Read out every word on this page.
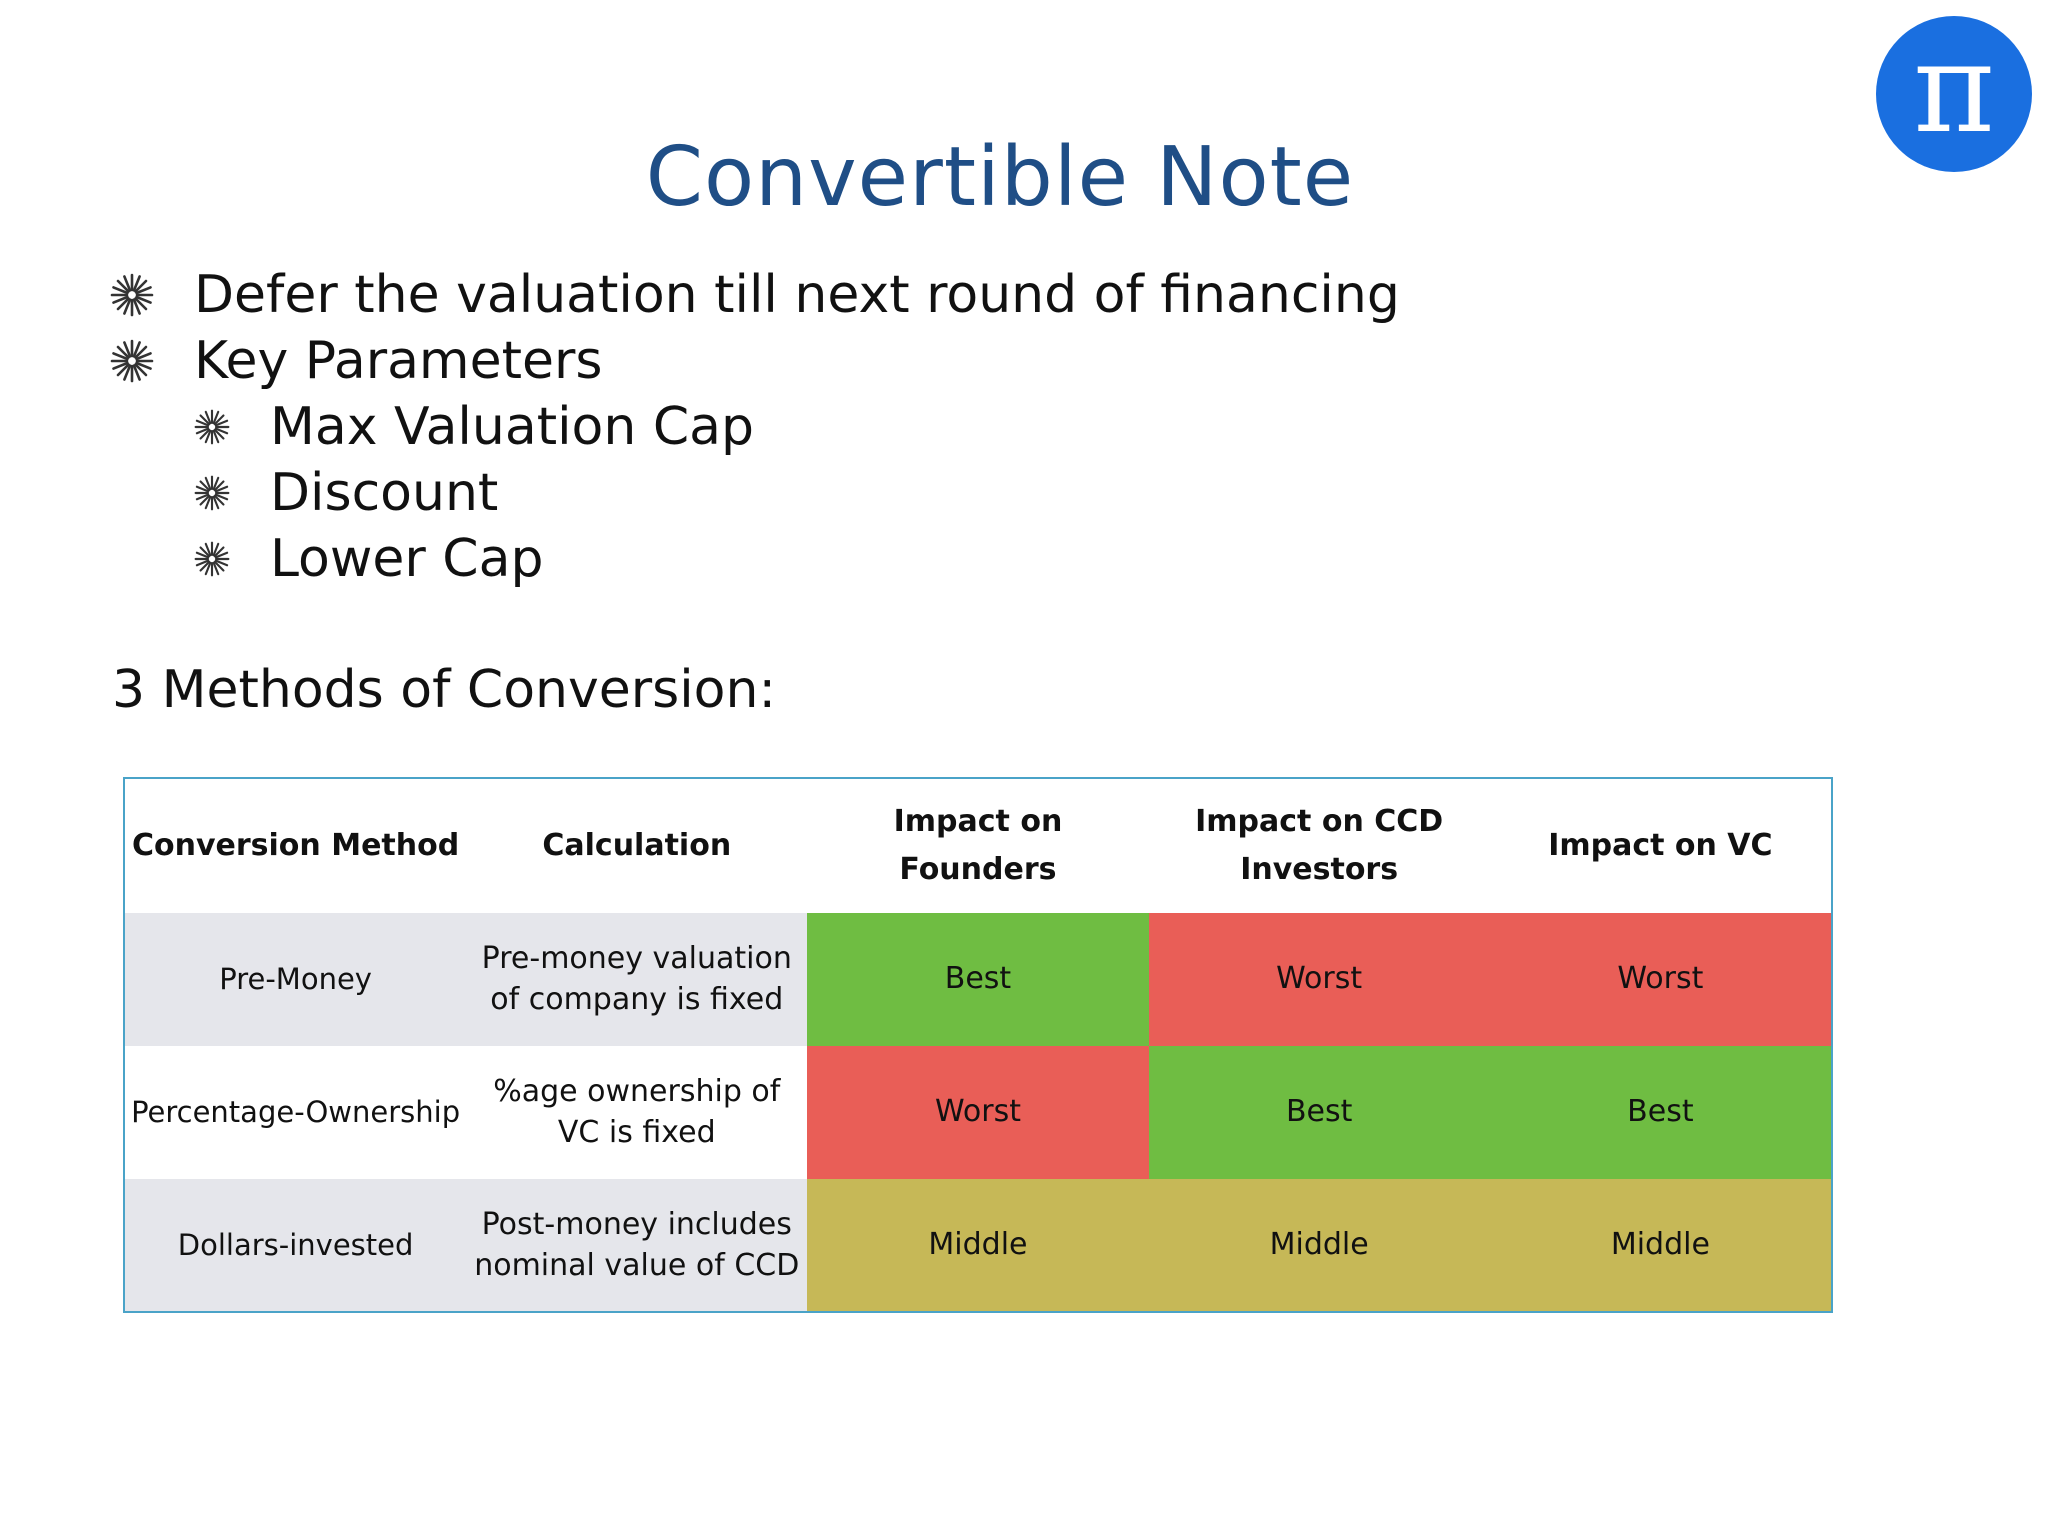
π
Convertible Note
Defer the valuation till next round of financing
Key Parameters
Max Valuation Cap
Discount
Lower Cap
3 Methods of Conversion:
Conversion Method	Calculation	Impact on Founders	Impact on CCD Investors	Impact on VC
Pre-Money	Pre-money valuation of company is fixed	Best	Worst	Worst
Percentage-Ownership	%age ownership of VC is fixed	Worst	Best	Best
Dollars-invested	Post-money includes nominal value of CCD	Middle	Middle	Middle
